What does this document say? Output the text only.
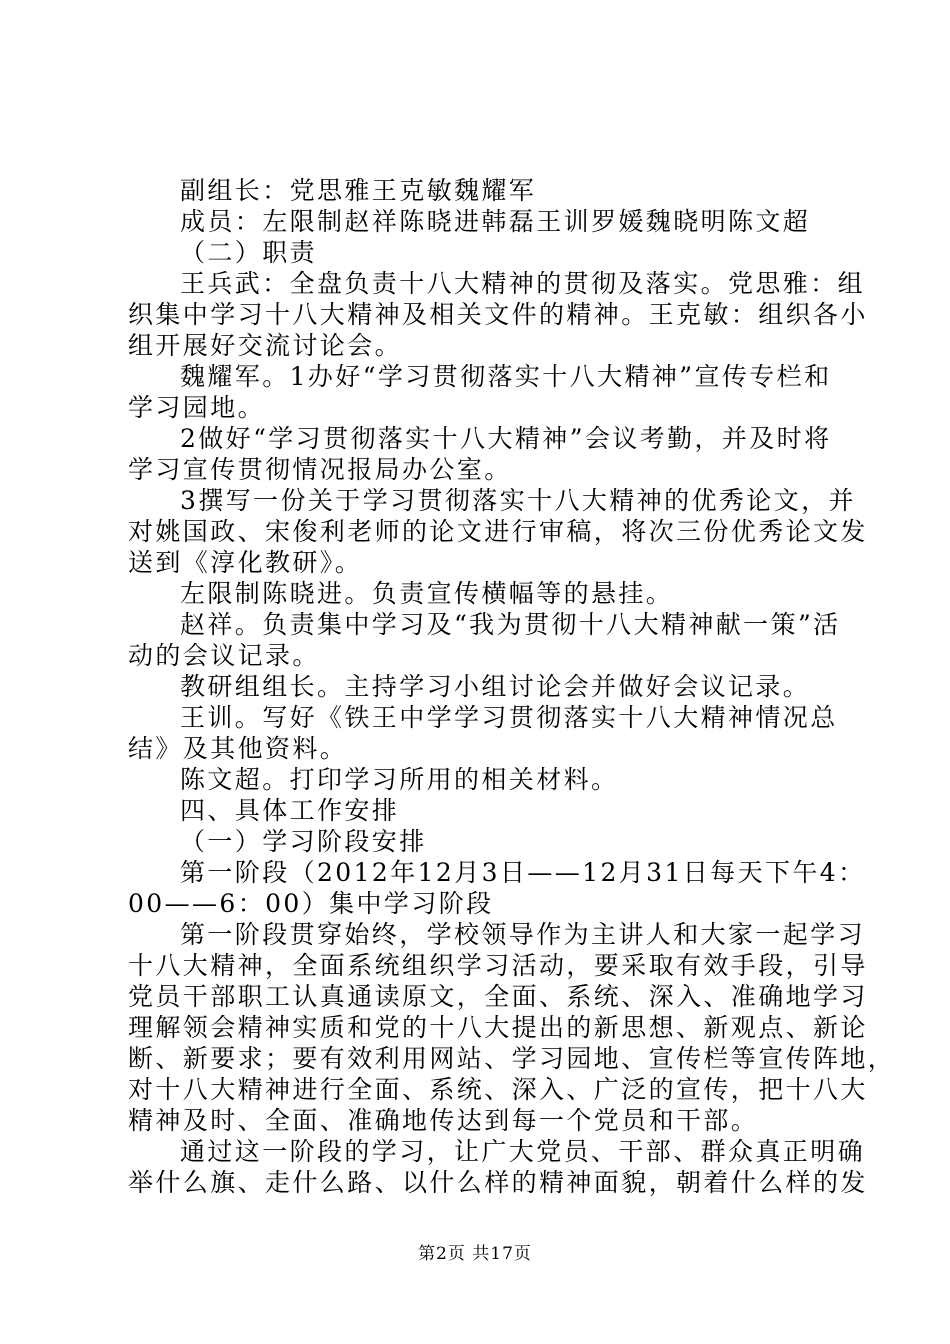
副组长：党思雅王克敏魏耀军

成员：左限制赵祥陈晓进韩磊王训罗媛魏晓明陈文超

（二）职责

王兵武：全盘负责十八大精神的贯彻及落实。党思雅：组

织集中学习十八大精神及相关文件的精神。王克敏：组织各小

组开展好交流讨论会。

魏耀军。1办好“学习贯彻落实十八大精神”宣传专栏和

学习园地。

2做好“学习贯彻落实十八大精神”会议考勤，并及时将

学习宣传贯彻情况报局办公室。

3撰写一份关于学习贯彻落实十八大精神的优秀论文，并

对姚国政、宋俊利老师的论文进行审稿，将次三份优秀论文发

送到《淳化教研》。

左限制陈晓进。负责宣传横幅等的悬挂。

赵祥。负责集中学习及“我为贯彻十八大精神献一策”活

动的会议记录。

教研组组长。主持学习小组讨论会并做好会议记录。

王训。写好《铁王中学学习贯彻落实十八大精神情况总

结》及其他资料。

陈文超。打印学习所用的相关材料。

四、具体工作安排

（一）学习阶段安排

第一阶段（2012年12月3日——12月31日每天下午4：

00——6：00）集中学习阶段

第一阶段贯穿始终，学校领导作为主讲人和大家一起学习

十八大精神，全面系统组织学习活动，要采取有效手段，引导

党员干部职工认真通读原文，全面、系统、深入、准确地学习

理解领会精神实质和党的十八大提出的新思想、新观点、新论

断、新要求；要有效利用网站、学习园地、宣传栏等宣传阵地，

对十八大精神进行全面、系统、深入、广泛的宣传，把十八大

精神及时、全面、准确地传达到每一个党员和干部。

通过这一阶段的学习，让广大党员、干部、群众真正明确

举什么旗、走什么路、以什么样的精神面貌，朝着什么样的发

第2页 共17页
